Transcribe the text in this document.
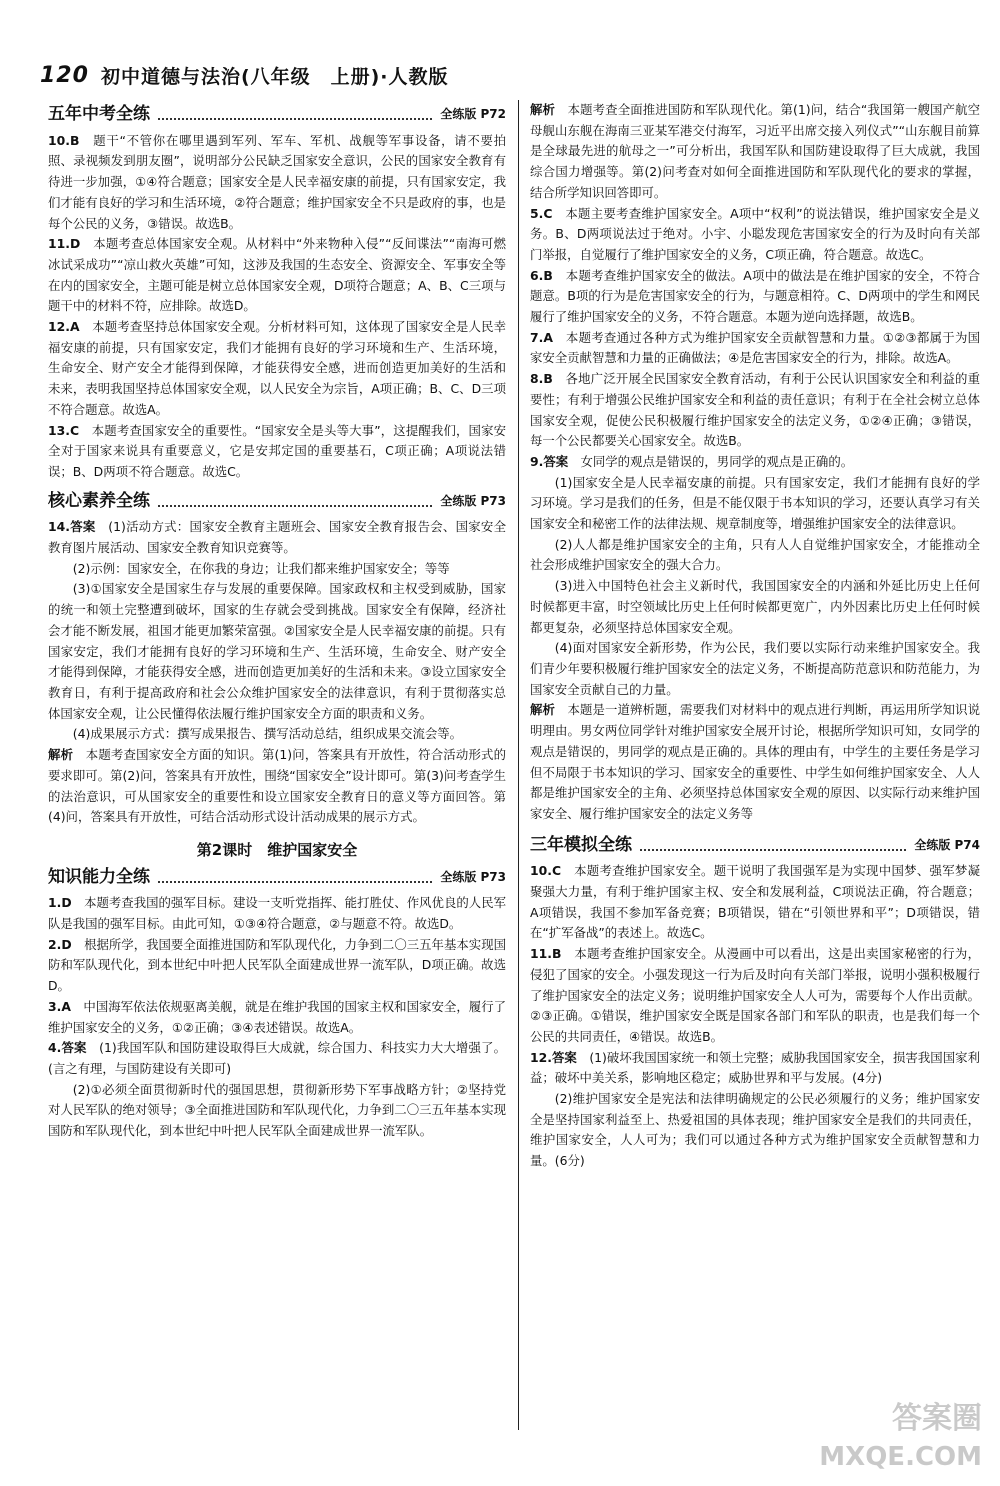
120 初中道德与法治(八年级　上册)·人教版
五年中考全练	全练版 P72

10.B　 题干“不管你在哪里遇到军列、军车、军机、战舰等军事设备，请不要拍照、录视频发到朋友圈”，说明部分公民缺乏国家安全意识，公民的国家安全教育有待进一步加强，①④符合题意；国家安全是人民幸福安康的前提，只有国家安定，我们才能有良好的学习和生活环境，②符合题意；维护国家安全不只是政府的事，也是每个公民的义务，③错误。故选B。

11.D　 本题考查总体国家安全观。从材料中“外来物种入侵”“反间谍法”“南海可燃冰试采成功”“凉山救火英雄”可知，这涉及我国的生态安全、资源安全、军事安全等在内的国家安全，主题可能是树立总体国家安全观，D项符合题意；A、B、C三项与题干中的材料不符，应排除。故选D。

12.A　 本题考查坚持总体国家安全观。分析材料可知，这体现了国家安全是人民幸福安康的前提，只有国家安定，我们才能拥有良好的学习环境和生产、生活环境，生命安全、财产安全才能得到保障，才能获得安全感，进而创造更加美好的生活和未来，表明我国坚持总体国家安全观，以人民安全为宗旨，A项正确；B、C、D三项不符合题意。故选A。

13.C　 本题考查国家安全的重要性。“国家安全是头等大事”，这提醒我们，国家安全对于国家来说具有重要意义，它是安邦定国的重要基石，C项正确；A项说法错误；B、D两项不符合题意。故选C。

核心素养全练	全练版 P73

14.答案　 (1)活动方式：国家安全教育主题班会、国家安全教育报告会、国家安全教育图片展活动、国家安全教育知识竞赛等。

(2)示例：国家安全，在你我的身边；让我们都来维护国家安全；等等

(3)①国家安全是国家生存与发展的重要保障。国家政权和主权受到威胁，国家的统一和领土完整遭到破坏，国家的生存就会受到挑战。国家安全有保障，经济社会才能不断发展，祖国才能更加繁荣富强。②国家安全是人民幸福安康的前提。只有国家安定，我们才能拥有良好的学习环境和生产、生活环境，生命安全、财产安全才能得到保障，才能获得安全感，进而创造更加美好的生活和未来。③设立国家安全教育日，有利于提高政府和社会公众维护国家安全的法律意识，有利于贯彻落实总体国家安全观，让公民懂得依法履行维护国家安全方面的职责和义务。

(4)成果展示方式：撰写成果报告、撰写活动总结，组织成果交流会等。

解析　 本题考查国家安全方面的知识。第(1)问，答案具有开放性，符合活动形式的要求即可。第(2)问，答案具有开放性，围绕“国家安全”设计即可。第(3)问考查学生的法治意识，可从国家安全的重要性和设立国家安全教育日的意义等方面回答。第(4)问，答案具有开放性，可结合活动形式设计活动成果的展示方式。

第2课时　维护国家安全
知识能力全练	全练版 P73

1.D　 本题考查我国的强军目标。建设一支听党指挥、能打胜仗、作风优良的人民军队是我国的强军目标。由此可知，①③④符合题意，②与题意不符。故选D。

2.D　 根据所学，我国要全面推进国防和军队现代化，力争到二〇三五年基本实现国防和军队现代化，到本世纪中叶把人民军队全面建成世界一流军队，D项正确。故选D。

3.A　 中国海军依法依规驱离美舰，就是在维护我国的国家主权和国家安全，履行了维护国家安全的义务，①②正确；③④表述错误。故选A。

4.答案　 (1)我国军队和国防建设取得巨大成就，综合国力、科技实力大大增强了。(言之有理，与国防建设有关即可)

(2)①必须全面贯彻新时代的强国思想，贯彻新形势下军事战略方针；②坚持党对人民军队的绝对领导；③全面推进国防和军队现代化，力争到二〇三五年基本实现国防和军队现代化，到本世纪中叶把人民军队全面建成世界一流军队。

解析　 本题考查全面推进国防和军队现代化。第(1)问，结合“我国第一艘国产航空母舰山东舰在海南三亚某军港交付海军，习近平出席交接入列仪式”“山东舰目前算是全球最先进的航母之一”可分析出，我国军队和国防建设取得了巨大成就，我国综合国力增强等。第(2)问考查对如何全面推进国防和军队现代化的要求的掌握，结合所学知识回答即可。

5.C　 本题主要考查维护国家安全。A项中“权利”的说法错误，维护国家安全是义务。B、D两项说法过于绝对。小宇、小聪发现危害国家安全的行为及时向有关部门举报，自觉履行了维护国家安全的义务，C项正确，符合题意。故选C。

6.B　 本题考查维护国家安全的做法。A项中的做法是在维护国家的安全，不符合题意。B项的行为是危害国家安全的行为，与题意相符。C、D两项中的学生和网民履行了维护国家安全的义务，不符合题意。本题为逆向选择题，故选B。

7.A　 本题考查通过各种方式为维护国家安全贡献智慧和力量。①②③都属于为国家安全贡献智慧和力量的正确做法；④是危害国家安全的行为，排除。故选A。

8.B　 各地广泛开展全民国家安全教育活动，有利于公民认识国家安全和利益的重要性；有利于增强公民维护国家安全和利益的责任意识；有利于在全社会树立总体国家安全观，促使公民积极履行维护国家安全的法定义务，①②④正确；③错误，每一个公民都要关心国家安全。故选B。

9.答案　 女同学的观点是错误的，男同学的观点是正确的。

(1)国家安全是人民幸福安康的前提。只有国家安定，我们才能拥有良好的学习环境。学习是我们的任务，但是不能仅限于书本知识的学习，还要认真学习有关国家安全和秘密工作的法律法规、规章制度等，增强维护国家安全的法律意识。

(2)人人都是维护国家安全的主角，只有人人自觉维护国家安全，才能推动全社会形成维护国家安全的强大合力。

(3)进入中国特色社会主义新时代，我国国家安全的内涵和外延比历史上任何时候都更丰富，时空领域比历史上任何时候都更宽广，内外因素比历史上任何时候都更复杂，必须坚持总体国家安全观。

(4)面对国家安全新形势，作为公民，我们要以实际行动来维护国家安全。我们青少年要积极履行维护国家安全的法定义务，不断提高防范意识和防范能力，为国家安全贡献自己的力量。

解析　 本题是一道辨析题，需要我们对材料中的观点进行判断，再运用所学知识说明理由。男女两位同学针对维护国家安全展开讨论，根据所学知识可知，女同学的观点是错误的，男同学的观点是正确的。具体的理由有，中学生的主要任务是学习但不局限于书本知识的学习、国家安全的重要性、中学生如何维护国家安全、人人都是维护国家安全的主角、必须坚持总体国家安全观的原因、以实际行动来维护国家安全、履行维护国家安全的法定义务等

三年模拟全练	全练版 P74

10.C　 本题考查维护国家安全。题干说明了我国强军是为实现中国梦、强军梦凝聚强大力量，有利于维护国家主权、安全和发展利益，C项说法正确，符合题意；A项错误，我国不参加军备竞赛；B项错误，错在“引领世界和平”；D项错误，错在“扩军备战”的表述上。故选C。

11.B　 本题考查维护国家安全。从漫画中可以看出，这是出卖国家秘密的行为，侵犯了国家的安全。小强发现这一行为后及时向有关部门举报，说明小强积极履行了维护国家安全的法定义务；说明维护国家安全人人可为，需要每个人作出贡献。②③正确。①错误，维护国家安全既是国家各部门和军队的职责，也是我们每一个公民的共同责任，④错误。故选B。

12.答案　 (1)破坏我国国家统一和领土完整；威胁我国国家安全，损害我国国家利益；破坏中美关系，影响地区稳定；威胁世界和平与发展。(4分)

(2)维护国家安全是宪法和法律明确规定的公民必须履行的义务；维护国家安全是坚持国家利益至上、热爱祖国的具体表现；维护国家安全是我们的共同责任，维护国家安全，人人可为；我们可以通过各种方式为维护国家安全贡献智慧和力量。(6分)

答案圈
MXQE.COM
